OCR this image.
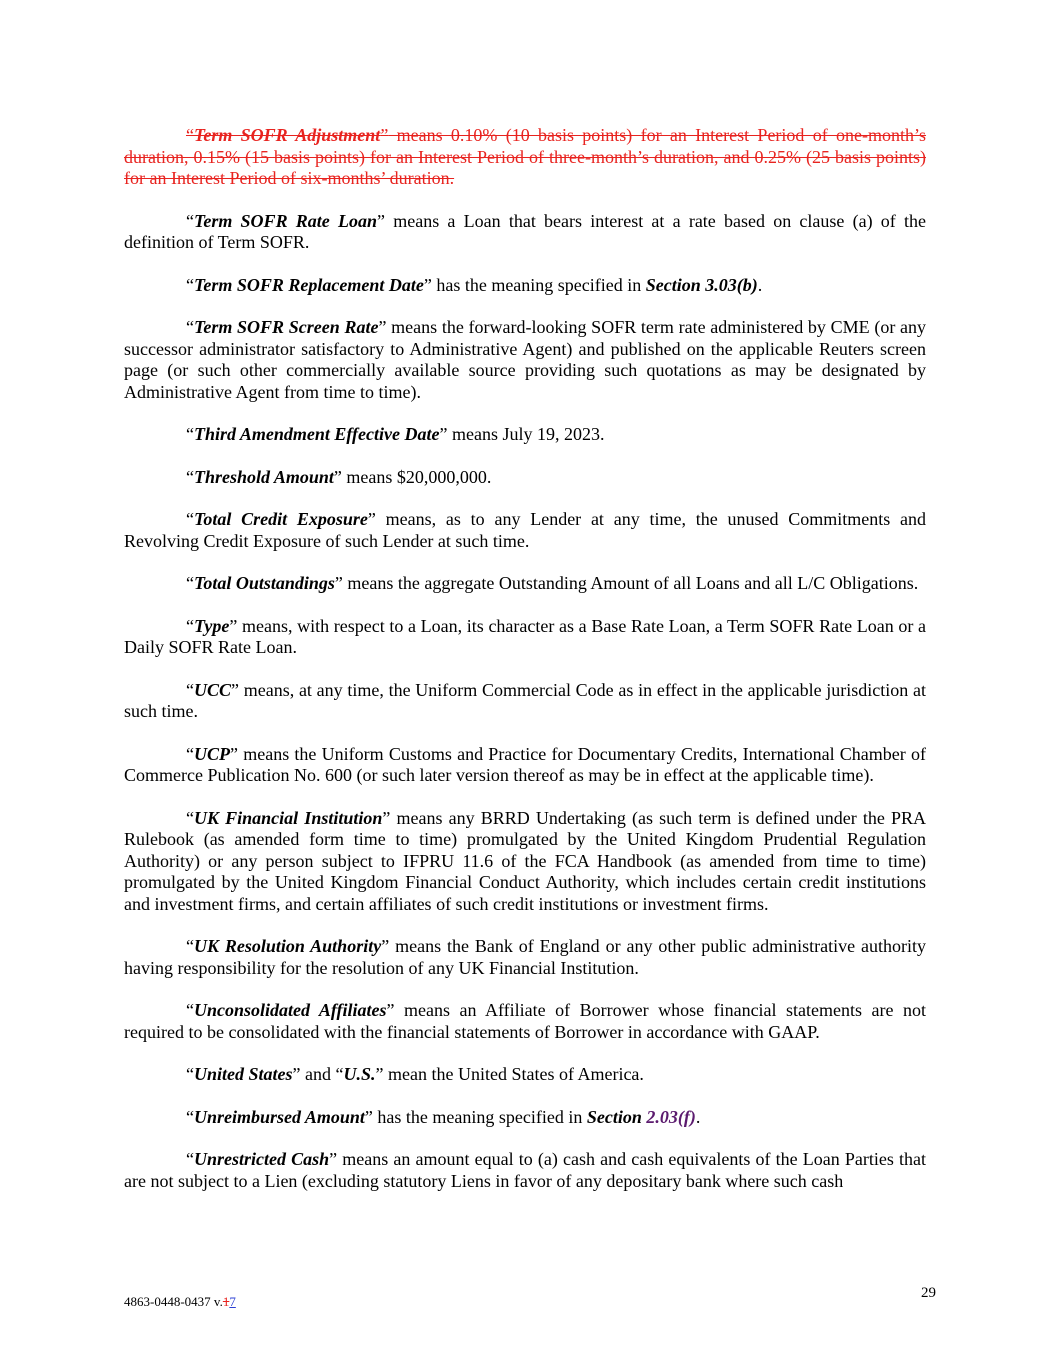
“Term SOFR Adjustment” means 0.10% (10 basis points) for an Interest Period of one-month’s duration, 0.15% (15 basis points) for an Interest Period of three-month’s duration, and 0.25% (25 basis points) for an Interest Period of six-months’ duration.

“Term SOFR Rate Loan” means a Loan that bears interest at a rate based on clause (a) of the definition of Term SOFR.

“Term SOFR Replacement Date” has the meaning specified in Section 3.03(b).

“Term SOFR Screen Rate” means the forward-looking SOFR term rate administered by CME (or any successor administrator satisfactory to Administrative Agent) and published on the applicable Reuters screen page (or such other commercially available source providing such quotations as may be designated by Administrative Agent from time to time).

“Third Amendment Effective Date” means July 19, 2023.

“Threshold Amount” means $20,000,000.

“Total Credit Exposure” means, as to any Lender at any time, the unused Commitments and Revolving Credit Exposure of such Lender at such time.

“Total Outstandings” means the aggregate Outstanding Amount of all Loans and all L/C Obligations.

“Type” means, with respect to a Loan, its character as a Base Rate Loan, a Term SOFR Rate Loan or a Daily SOFR Rate Loan.

“UCC” means, at any time, the Uniform Commercial Code as in effect in the applicable jurisdiction at such time.

“UCP” means the Uniform Customs and Practice for Documentary Credits, International Chamber of Commerce Publication No. 600 (or such later version thereof as may be in effect at the applicable time).

“UK Financial Institution” means any BRRD Undertaking (as such term is defined under the PRA Rulebook (as amended form time to time) promulgated by the United Kingdom Prudential Regulation Authority) or any person subject to IFPRU 11.6 of the FCA Handbook (as amended from time to time) promulgated by the United Kingdom Financial Conduct Authority, which includes certain credit institutions and investment firms, and certain affiliates of such credit institutions or investment firms.

“UK Resolution Authority” means the Bank of England or any other public administrative authority having responsibility for the resolution of any UK Financial Institution.

“Unconsolidated Affiliates” means an Affiliate of Borrower whose financial statements are not required to be consolidated with the financial statements of Borrower in accordance with GAAP.

“United States” and “U.S.” mean the United States of America.

“Unreimbursed Amount” has the meaning specified in Section 2.03(f).

“Unrestricted Cash” means an amount equal to (a) cash and cash equivalents of the Loan Parties that are not subject to a Lien (excluding statutory Liens in favor of any depositary bank where such cash

4863-0448-0437 v.17
29
